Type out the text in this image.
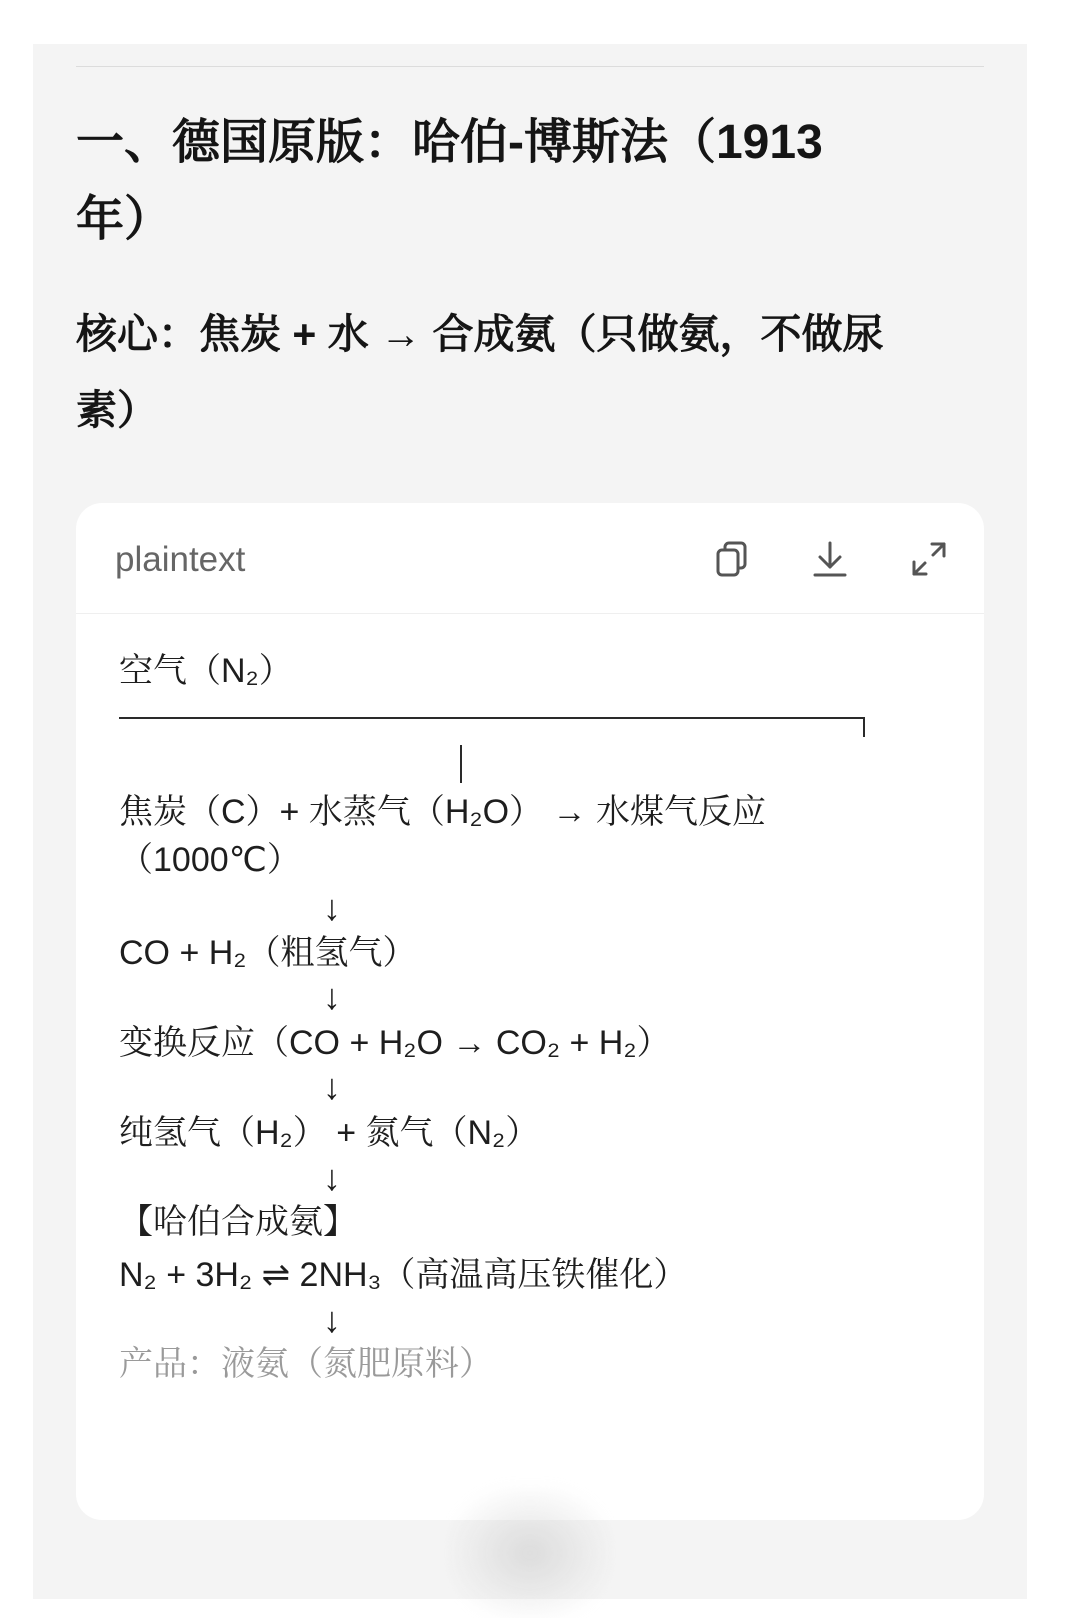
一、德国原版：哈伯-博斯法（1913
年）
核心：焦炭 + 水 → 合成氨（只做氨，不做尿
素）
plaintext
空气（N₂）
焦炭（C）+ 水蒸气（H₂O） → 水煤气反应
（1000℃）
↓
CO + H₂（粗氢气）
↓
变换反应（CO + H₂O → CO₂ + H₂）
↓
纯氢气（H₂） + 氮气（N₂）
↓
【哈伯合成氨】
N₂ + 3H₂ ⇌ 2NH₃（高温高压铁催化）
↓
产品：液氨（氮肥原料）
